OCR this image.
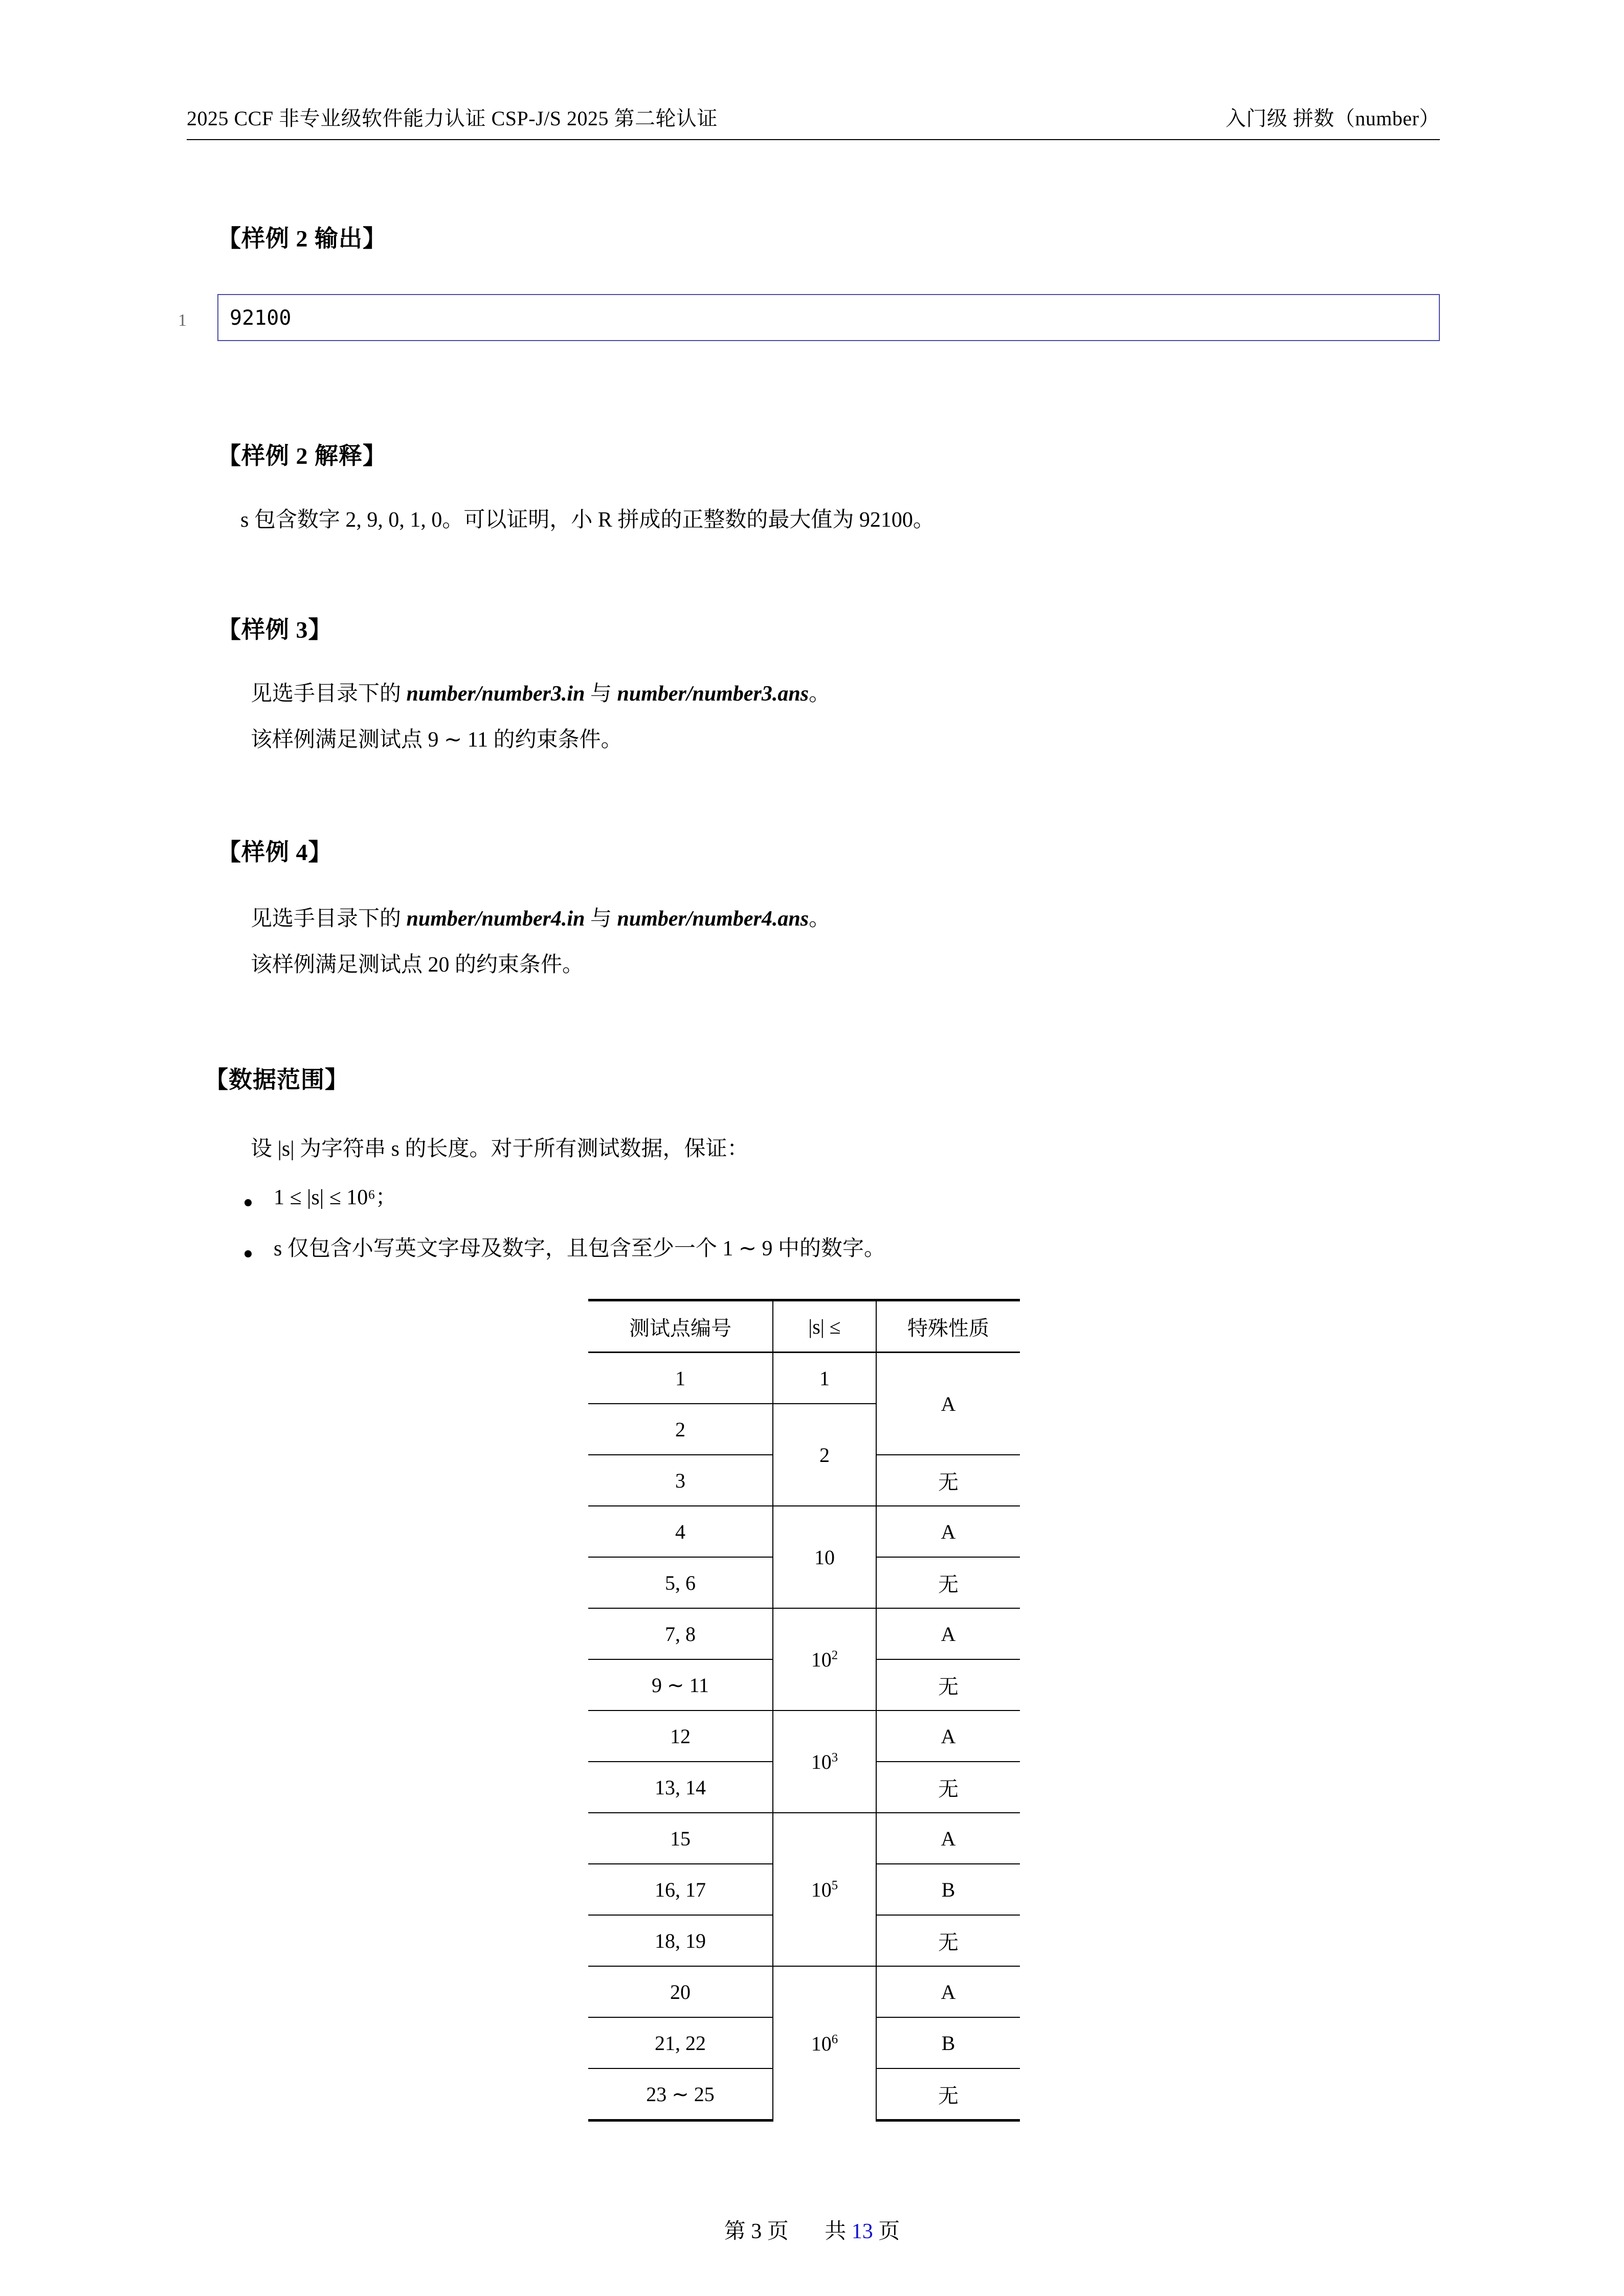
2025 CCF 非专业级软件能力认证 CSP-J/S 2025 第二轮认证	入门级 拼数（number）
【样例 2 输出】
1 92100
【样例 2 解释】
s 包含数字 2, 9, 0, 1, 0。可以证明，小 R 拼成的正整数的最大值为 92100。
【样例 3】
见选手目录下的 number/number3.in 与 number/number3.ans。
该样例满足测试点 9 ∼ 11 的约束条件。
【样例 4】
见选手目录下的 number/number4.in 与 number/number4.ans。
该样例满足测试点 20 的约束条件。
【数据范围】
设 |s| 为字符串 s 的长度。对于所有测试数据，保证：
1 ≤ |s| ≤ 10⁶；
s 仅包含小写英文字母及数字，且包含至少一个 1 ∼ 9 中的数字。
测试点编号	|s| ≤	特殊性质
1	1	A
2	2	
3		无
4	10	A
5, 6		无
7, 8	$10^2$	A
9 ∼ 11		无
12	$10^3$	A
13, 14		无
15	$10^5$	A
16, 17		B
18, 19		无
20	$10^6$	A
21, 22		B
23 ∼ 25		无
第 3 页 共 13 页
